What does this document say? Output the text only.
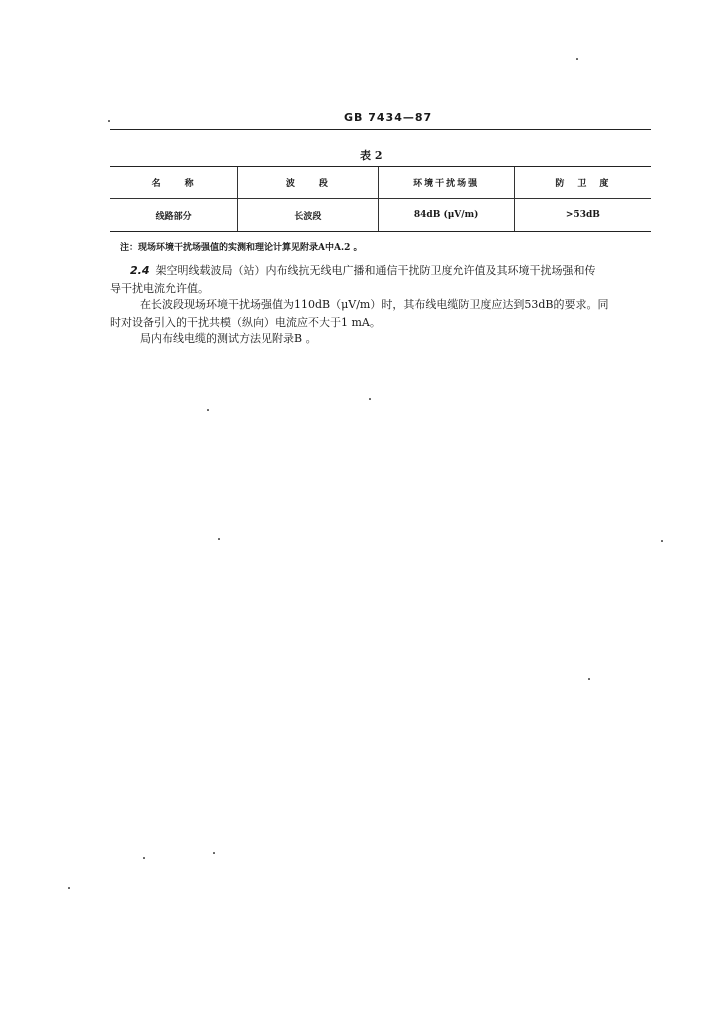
GB 7434—87
表 2
名　　称	波　　段	环境干扰场强	防　卫　度
线路部分	长波段	84dB (μV/m)	>53dB
注：现场环境干扰场强值的实测和理论计算见附录A中A.2 。
2.4 架空明线载波局（站）内布线抗无线电广播和通信干扰防卫度允许值及其环境干扰场强和传
导干扰电流允许值。
在长波段现场环境干扰场强值为110dB（μV/m）时，其布线电缆防卫度应达到53dB的要求。同
时对设备引入的干扰共模（纵向）电流应不大于1 mA。
局内布线电缆的测试方法见附录B 。
